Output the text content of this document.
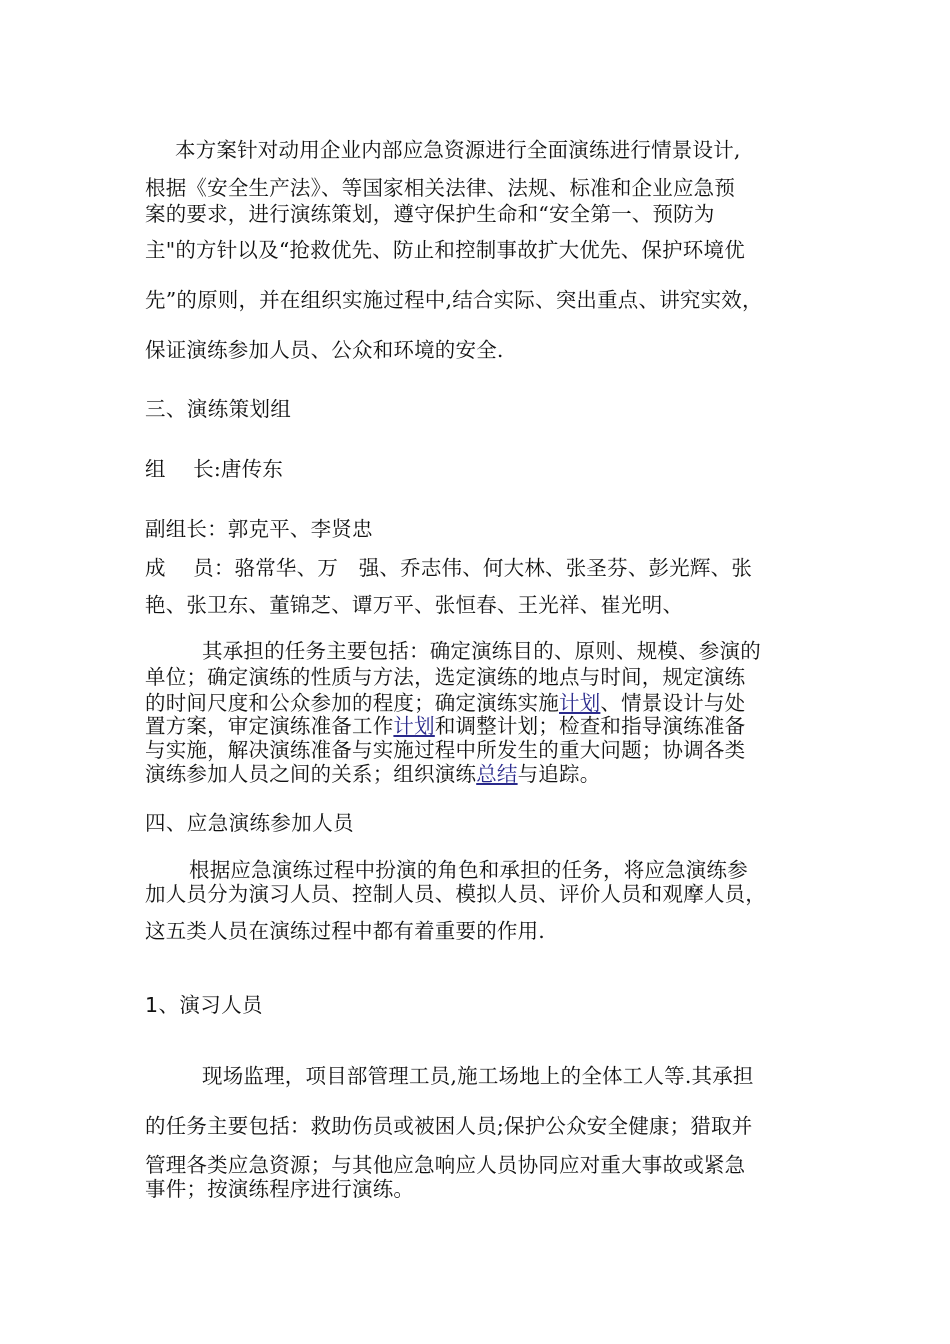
本方案针对动用企业内部应急资源进行全面演练进行情景设计,
根据《安全生产法》、等国家相关法律、法规、标准和企业应急预
案的要求，进行演练策划，遵守保护生命和“安全第一、预防为
主"的方针以及“抢救优先、防止和控制事故扩大优先、保护环境优
先”的原则，并在组织实施过程中,结合实际、突出重点、讲究实效，
保证演练参加人员、公众和环境的安全.
三、演练策划组
组　 长:唐传东
副组长：郭克平、李贤忠
成　 员：骆常华、万　强、乔志伟、何大林、张圣芬、彭光辉、张
艳、张卫东、董锦芝、谭万平、张恒春、王光祥、崔光明、
其承担的任务主要包括：确定演练目的、原则、规模、参演的
单位；确定演练的性质与方法，选定演练的地点与时间，规定演练
的时间尺度和公众参加的程度；确定演练实施计划、情景设计与处
置方案，审定演练准备工作计划和调整计划；检查和指导演练准备
与实施，解决演练准备与实施过程中所发生的重大问题；协调各类
演练参加人员之间的关系；组织演练总结与追踪。
四、应急演练参加人员
根据应急演练过程中扮演的角色和承担的任务，将应急演练参
加人员分为演习人员、控制人员、模拟人员、评价人员和观摩人员，
这五类人员在演练过程中都有着重要的作用.
1、演习人员
现场监理，项目部管理工员,施工场地上的全体工人等.其承担
的任务主要包括：救助伤员或被困人员;保护公众安全健康；猎取并
管理各类应急资源；与其他应急响应人员协同应对重大事故或紧急
事件；按演练程序进行演练。
